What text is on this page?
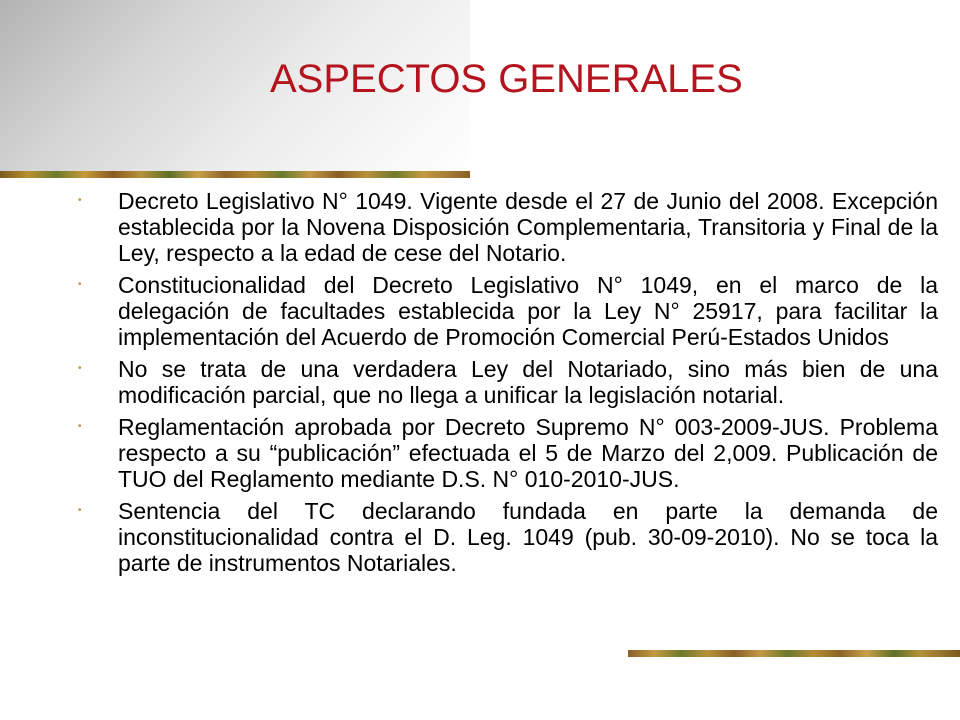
ASPECTOS GENERALES
•	Decreto Legislativo N° 1049. Vigente desde el 27 de Junio del 2008. Excepción establecida por la Novena Disposición Complementaria, Transitoria y Final de la Ley, respecto a la edad de cese del Notario.
•	Constitucionalidad del Decreto Legislativo N° 1049, en el marco de la delegación de facultades establecida por la Ley N° 25917, para facilitar la implementación del Acuerdo de Promoción Comercial Perú-Estados Unidos
•	No se trata de una verdadera Ley del Notariado, sino más bien de una modificación parcial, que no llega a unificar la legislación notarial.
•	Reglamentación aprobada por Decreto Supremo N° 003-2009-JUS. Problema respecto a su “publicación” efectuada el 5 de Marzo del 2,009. Publicación de TUO del Reglamento mediante D.S. N° 010-2010-JUS.
•	Sentencia del TC declarando fundada en parte la demanda de inconstitucionalidad contra el D. Leg. 1049 (pub. 30-09-2010). No se toca la parte de instrumentos Notariales.
